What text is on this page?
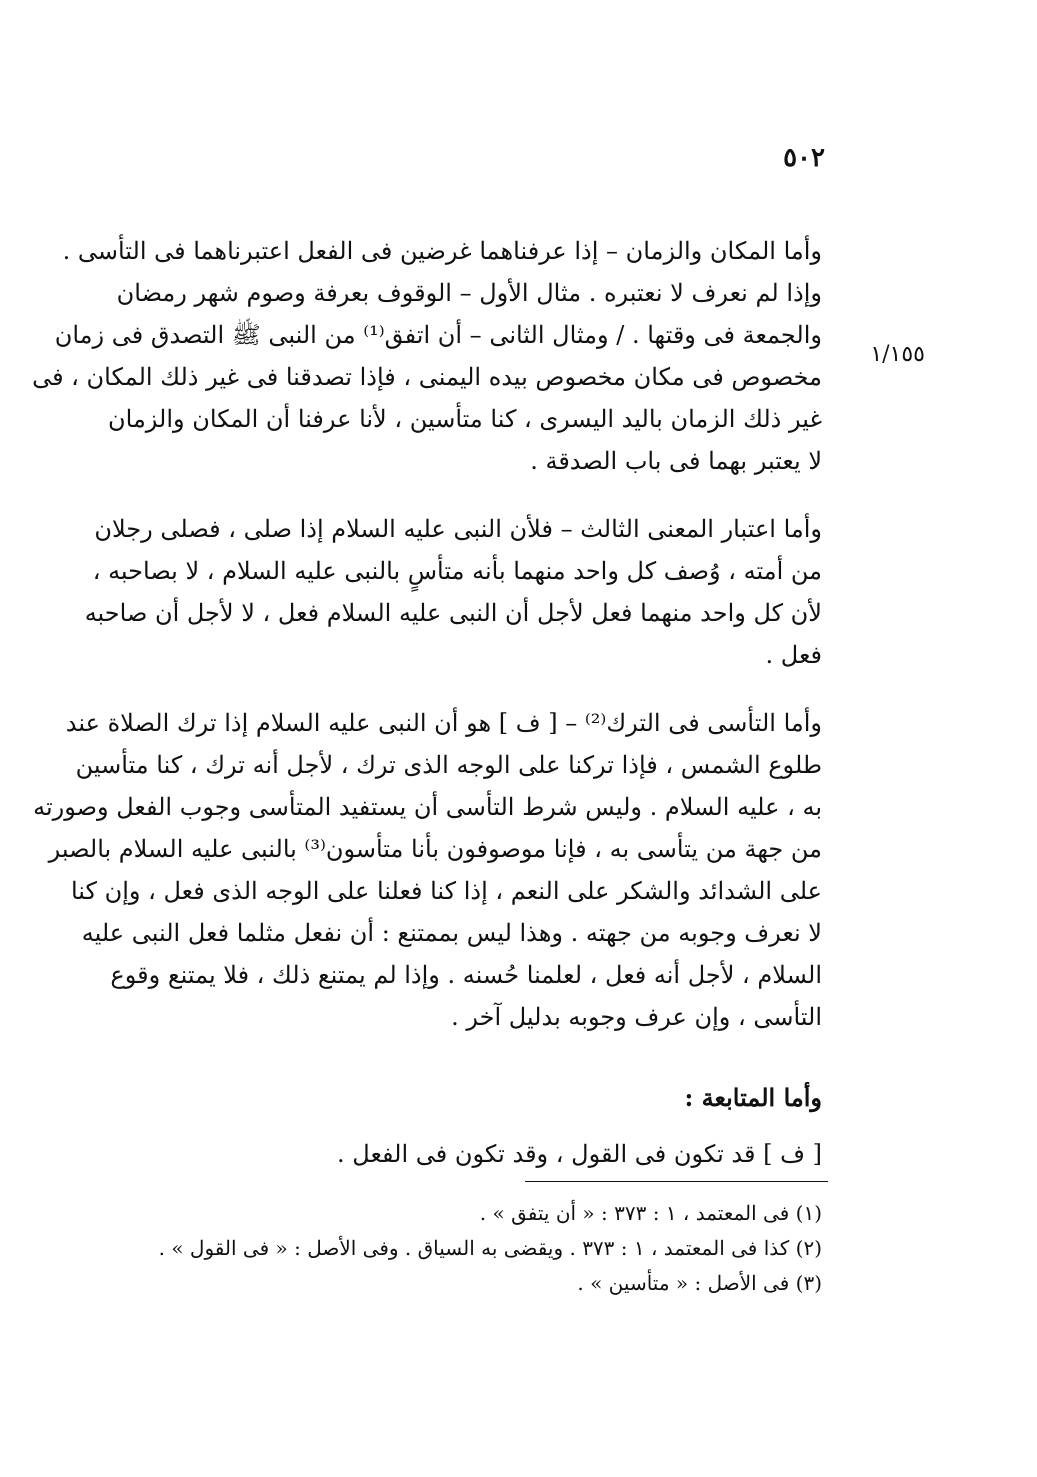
٥٠٢
١/١٥٥
وأما المكان والزمان – إذا عرفناهما غرضين فى الفعل اعتبرناهما فى التأسى .
وإذا لم نعرف لا نعتبره . مثال الأول – الوقوف بعرفة وصوم شهر رمضان
والجمعة فى وقتها . / ومثال الثانى – أن اتفق⁽¹⁾ من النبى ﷺ التصدق فى زمان
مخصوص فى مكان مخصوص بيده اليمنى ، فإذا تصدقنا فى غير ذلك المكان ، فى
غير ذلك الزمان باليد اليسرى ، كنا متأسين ، لأنا عرفنا أن المكان والزمان
لا يعتبر بهما فى باب الصدقة .
وأما اعتبار المعنى الثالث – فلأن النبى عليه السلام إذا صلى ، فصلى رجلان
من أمته ، وُصف كل واحد منهما بأنه متأسٍ بالنبى عليه السلام ، لا بصاحبه ،
لأن كل واحد منهما فعل لأجل أن النبى عليه السلام فعل ، لا لأجل أن صاحبه
فعل .
وأما التأسى فى الترك⁽²⁾ – [ ف ] هو أن النبى عليه السلام إذا ترك الصلاة عند
طلوع الشمس ، فإذا تركنا على الوجه الذى ترك ، لأجل أنه ترك ، كنا متأسين
به ، عليه السلام . وليس شرط التأسى أن يستفيد المتأسى وجوب الفعل وصورته
من جهة من يتأسى به ، فإنا موصوفون بأنا متأسون⁽³⁾ بالنبى عليه السلام بالصبر
على الشدائد والشكر على النعم ، إذا كنا فعلنا على الوجه الذى فعل ، وإن كنا
لا نعرف وجوبه من جهته . وهذا ليس بممتنع : أن نفعل مثلما فعل النبى عليه
السلام ، لأجل أنه فعل ، لعلمنا حُسنه . وإذا لم يمتنع ذلك ، فلا يمتنع وقوع
التأسى ، وإن عرف وجوبه بدليل آخر .
وأما المتابعة :
[ ف ] قد تكون فى القول ، وقد تكون فى الفعل .
(١) فى المعتمد ، ١ : ٣٧٣ : « أن يتفق » .
(٢) كذا فى المعتمد ، ١ : ٣٧٣ . ويقضى به السياق . وفى الأصل : « فى القول » .
(٣) فى الأصل : « متأسين » .
